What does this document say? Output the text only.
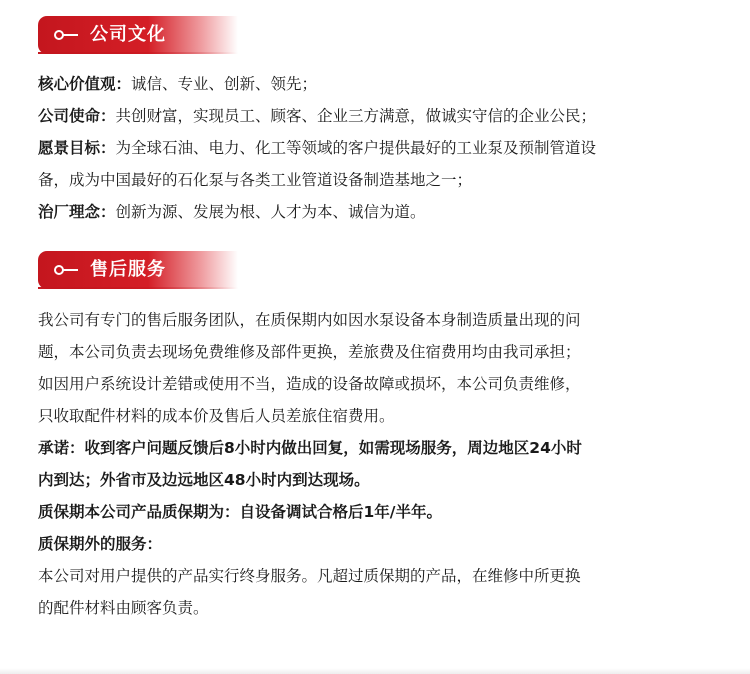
公司文化
核心价值观：诚信、专业、创新、领先；
公司使命：共创财富，实现员工、顾客、企业三方满意，做诚实守信的企业公民；
愿景目标：为全球石油、电力、化工等领域的客户提供最好的工业泵及预制管道设
备，成为中国最好的石化泵与各类工业管道设备制造基地之一；
治厂理念：创新为源、发展为根、人才为本、诚信为道。
售后服务
我公司有专门的售后服务团队，在质保期内如因水泵设备本身制造质量出现的问
题，本公司负责去现场免费维修及部件更换，差旅费及住宿费用均由我司承担；
如因用户系统设计差错或使用不当，造成的设备故障或损坏，本公司负责维修，
只收取配件材料的成本价及售后人员差旅住宿费用。
承诺：收到客户问题反馈后8小时内做出回复，如需现场服务，周边地区24小时
内到达；外省市及边远地区48小时内到达现场。
质保期本公司产品质保期为：自设备调试合格后1年/半年。
质保期外的服务：
本公司对用户提供的产品实行终身服务。凡超过质保期的产品，在维修中所更换
的配件材料由顾客负责。
